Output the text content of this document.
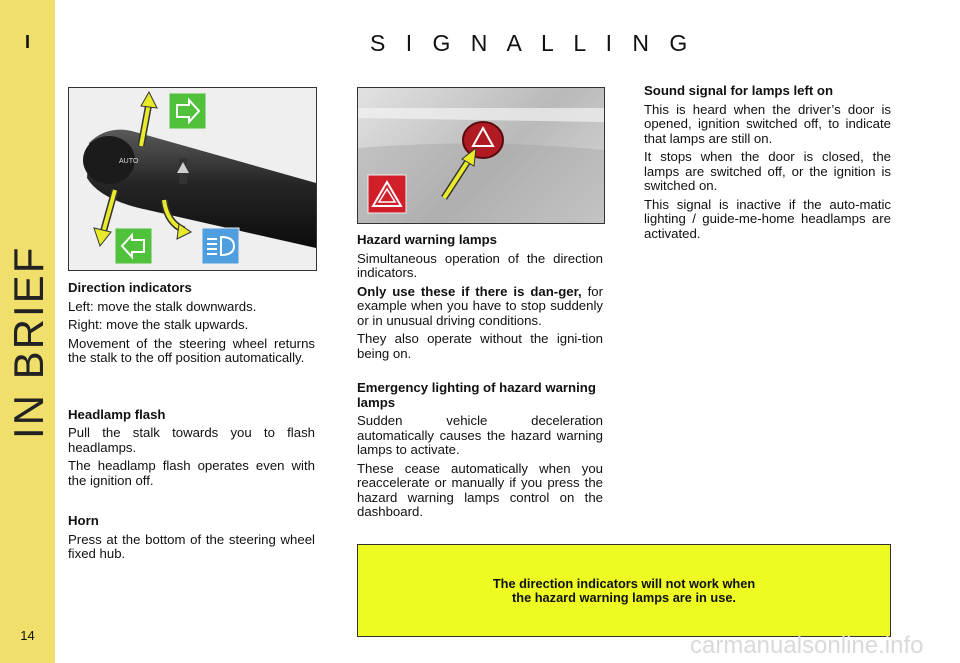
I
IN BRIEF
14
S I G N A L L I N G
AUTO
Direction indicators

Left: move the stalk downwards.

Right: move the stalk upwards.

Movement of the steering wheel returns the stalk to the off position automatically.

Headlamp flash

Pull the stalk towards you to flash headlamps.

The headlamp flash operates even with the ignition off.

Horn

Press at the bottom of the steering wheel fixed hub.

Hazard warning lamps

Simultaneous operation of the direction indicators.

Only use these if there is dan-ger, for example when you have to stop suddenly or in unusual driving conditions.

They also operate without the igni-tion being on.

Emergency lighting of hazard warning lamps

Sudden vehicle deceleration automatically causes the hazard warning lamps to activate.

These cease automatically when you reaccelerate or manually if you press the hazard warning lamps control on the dashboard.

Sound signal for lamps left on

This is heard when the driver’s door is opened, ignition switched off, to indicate that lamps are still on.

It stops when the door is closed, the lamps are switched off, or the ignition is switched on.

This signal is inactive if the auto-matic lighting / guide-me-home headlamps are activated.

The direction indicators will not work when
the hazard warning lamps are in use.
carmanualsonline.info
